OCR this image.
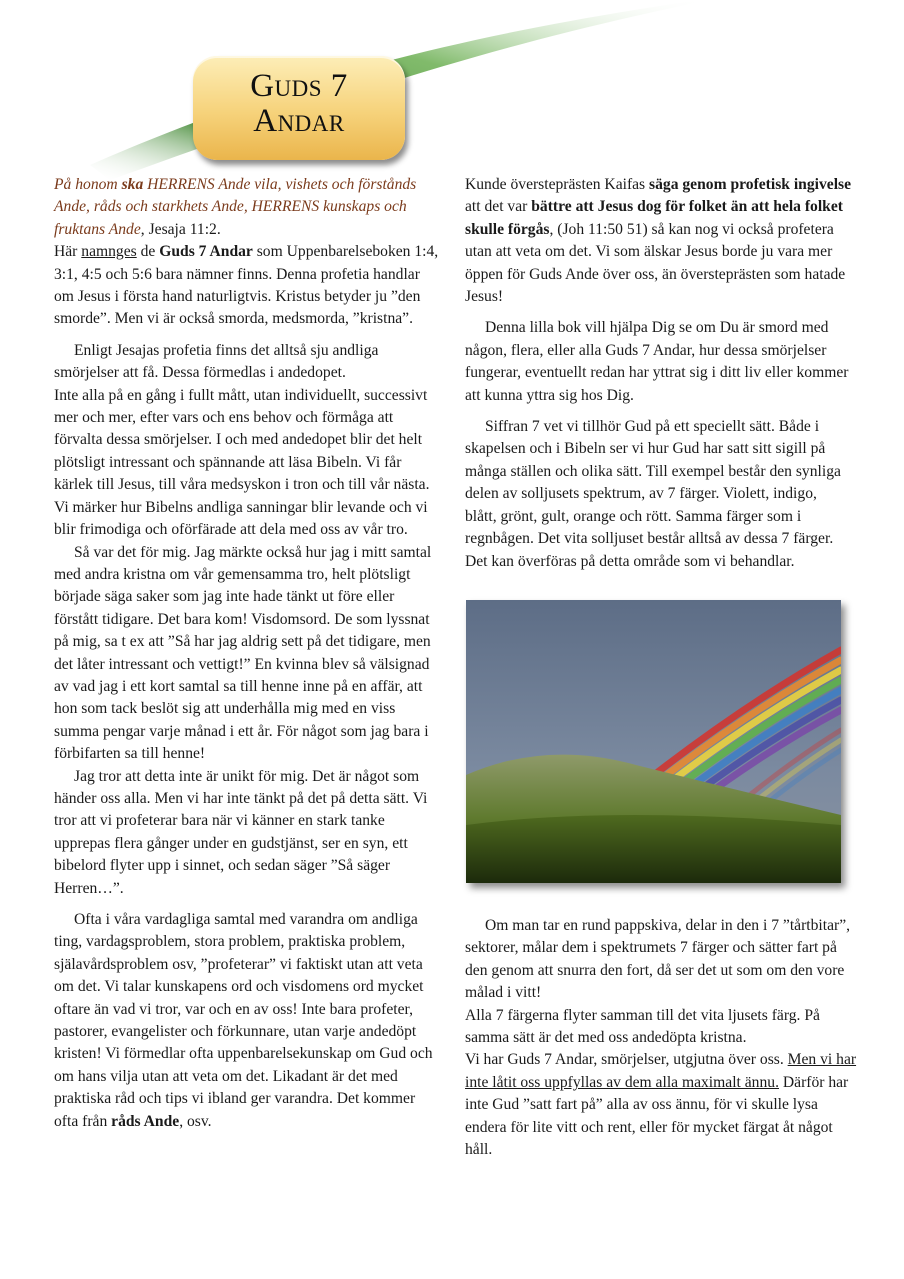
Guds 7
Andar

På honom ska HERRENS Ande vila, vishets och förstånds Ande, råds och starkhets Ande, HERRENS kunskaps och fruktans Ande, Jesaja 11:2.

Här namnges de Guds 7 Andar som Uppenbarelseboken 1:4, 3:1, 4:5 och 5:6 bara nämner finns. Denna profetia handlar om Jesus i första hand naturligtvis. Kristus betyder ju ”den smorde”. Men vi är också smorda, medsmorda, ”kristna”.

Enligt Jesajas profetia finns det alltså sju andliga smörjelser att få. Dessa förmedlas i andedopet.

Inte alla på en gång i fullt mått, utan individuellt, successivt mer och mer, efter vars och ens behov och förmåga att förvalta dessa smörjelser. I och med andedopet blir det helt plötsligt intressant och spännande att läsa Bibeln. Vi får kärlek till Jesus, till våra medsyskon i tron och till vår nästa. Vi märker hur Bibelns andliga sanningar blir levande och vi blir frimodiga och oförfärade att dela med oss av vår tro.

Så var det för mig. Jag märkte också hur jag i mitt samtal med andra kristna om vår gemensamma tro, helt plötsligt började säga saker som jag inte hade tänkt ut före eller förstått tidigare. Det bara kom! Visdomsord. De som lyssnat på mig, sa t ex att ”Så har jag aldrig sett på det tidigare, men det låter intressant och vettigt!” En kvinna blev så välsignad av vad jag i ett kort samtal sa till henne inne på en affär, att hon som tack beslöt sig att underhålla mig med en viss summa pengar varje månad i ett år. För något som jag bara i förbifarten sa till henne!

Jag tror att detta inte är unikt för mig. Det är något som händer oss alla. Men vi har inte tänkt på det på detta sätt. Vi tror att vi profeterar bara när vi känner en stark tanke upprepas flera gånger under en gudstjänst, ser en syn, ett bibelord flyter upp i sinnet, och sedan säger ”Så säger Herren…”.

Ofta i våra vardagliga samtal med varandra om andliga ting, vardagsproblem, stora problem, praktiska problem, själavårdsproblem osv, ”profeterar” vi faktiskt utan att veta om det. Vi talar kunskapens ord och visdomens ord mycket oftare än vad vi tror, var och en av oss! Inte bara profeter, pastorer, evangelister och förkunnare, utan varje andedöpt kristen! Vi förmedlar ofta uppenbarelsekunskap om Gud och om hans vilja utan att veta om det. Likadant är det med praktiska råd och tips vi ibland ger varandra. Det kommer ofta från råds Ande, osv.

Kunde översteprästen Kaifas säga genom profetisk ingivelse att det var bättre att Jesus dog för folket än att hela folket skulle förgås, (Joh 11:50 51) så kan nog vi också profetera utan att veta om det. Vi som älskar Jesus borde ju vara mer öppen för Guds Ande över oss, än översteprästen som hatade Jesus!

Denna lilla bok vill hjälpa Dig se om Du är smord med någon, flera, eller alla Guds 7 Andar, hur dessa smörjelser fungerar, eventuellt redan har yttrat sig i ditt liv eller kommer att kunna yttra sig hos Dig.

Siffran 7 vet vi tillhör Gud på ett speciellt sätt. Både i skapelsen och i Bibeln ser vi hur Gud har satt sitt sigill på många ställen och olika sätt. Till exempel består den synliga delen av solljusets spektrum, av 7 färger. Violett, indigo, blått, grönt, gult, orange och rött. Samma färger som i regnbågen. Det vita solljuset består alltså av dessa 7 färger. Det kan överföras på detta område som vi behandlar.

Om man tar en rund pappskiva, delar in den i 7 ”tårtbitar”, sektorer, målar dem i spektrumets 7 färger och sätter fart på den genom att snurra den fort, då ser det ut som om den vore målad i vitt!

Alla 7 färgerna flyter samman till det vita ljusets färg. På samma sätt är det med oss andedöpta kristna.

Vi har Guds 7 Andar, smörjelser, utgjutna över oss. Men vi har inte låtit oss uppfyllas av dem alla maximalt ännu. Därför har inte Gud ”satt fart på” alla av oss ännu, för vi skulle lysa endera för lite vitt och rent, eller för mycket färgat åt något håll.
